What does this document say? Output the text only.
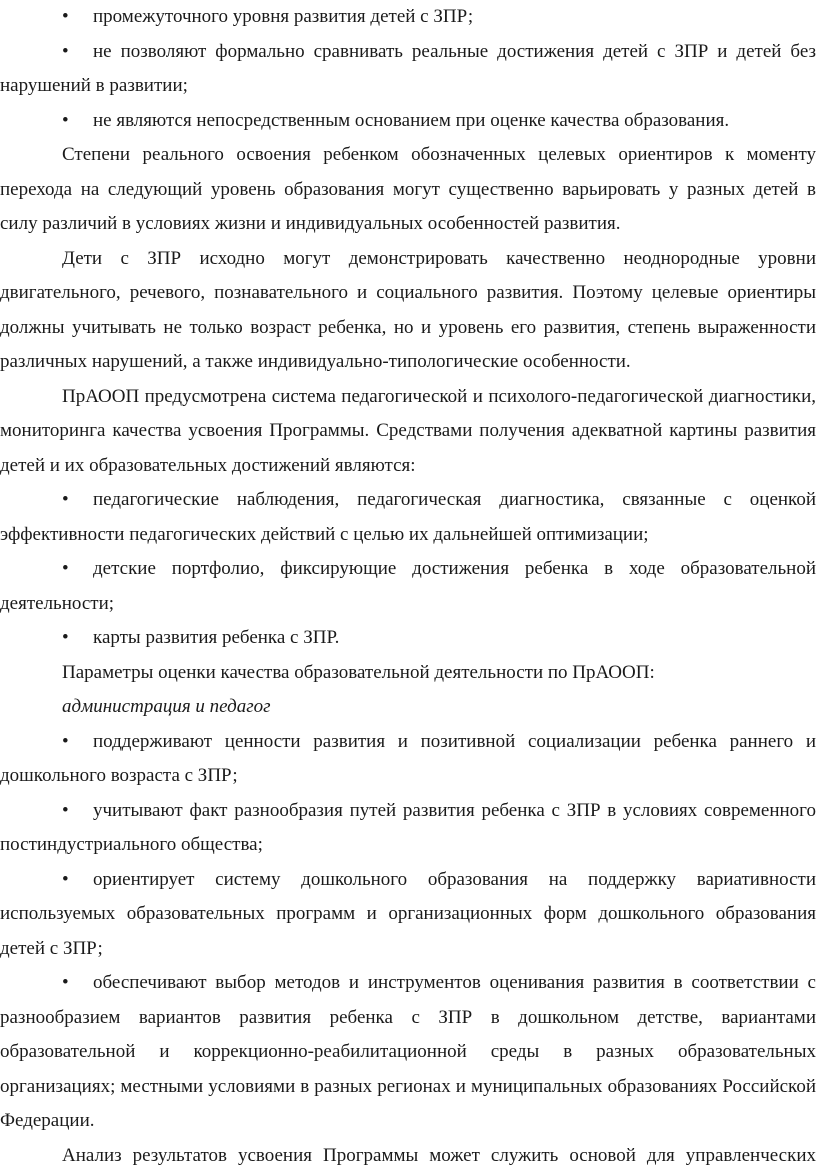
• промежуточного уровня развития детей с ЗПР;

• не позволяют формально сравнивать реальные достижения детей с ЗПР и детей без нарушений в развитии;

• не являются непосредственным основанием при оценке качества образования.

Степени реального освоения ребенком обозначенных целевых ориентиров к моменту перехода на следующий уровень образования могут существенно варьировать у разных детей в силу различий в условиях жизни и индивидуальных особенностей развития.

Дети с ЗПР исходно могут демонстрировать качественно неоднородные уровни двигательного, речевого, познавательного и социального развития. Поэтому целевые ориентиры должны учитывать не только возраст ребенка, но и уровень его развития, степень выраженности различных нарушений, а также индивидуально-типологические особенности.

ПрАООП предусмотрена система педагогической и психолого-педагогической диагностики, мониторинга качества усвоения Программы. Средствами получения адекватной картины развития детей и их образовательных достижений являются:

• педагогические наблюдения, педагогическая диагностика, связанные с оценкой эффективности педагогических действий с целью их дальнейшей оптимизации;

• детские портфолио, фиксирующие достижения ребенка в ходе образовательной деятельности;

• карты развития ребенка с ЗПР.

Параметры оценки качества образовательной деятельности по ПрАООП:

администрация и педагог

• поддерживают ценности развития и позитивной социализации ребенка раннего и дошкольного возраста с ЗПР;

• учитывают факт разнообразия путей развития ребенка с ЗПР в условиях современного постиндустриального общества;

• ориентирует систему дошкольного образования на поддержку вариативности используемых образовательных программ и организационных форм дошкольного образования детей с ЗПР;

• обеспечивают выбор методов и инструментов оценивания развития в соответствии с разнообразием вариантов развития ребенка с ЗПР в дошкольном детстве, вариантами образовательной и коррекционно-реабилитационной среды в разных образовательных организациях; местными условиями в разных регионах и муниципальных образованиях Российской Федерации.

Анализ результатов усвоения Программы может служить основой для управленческих
